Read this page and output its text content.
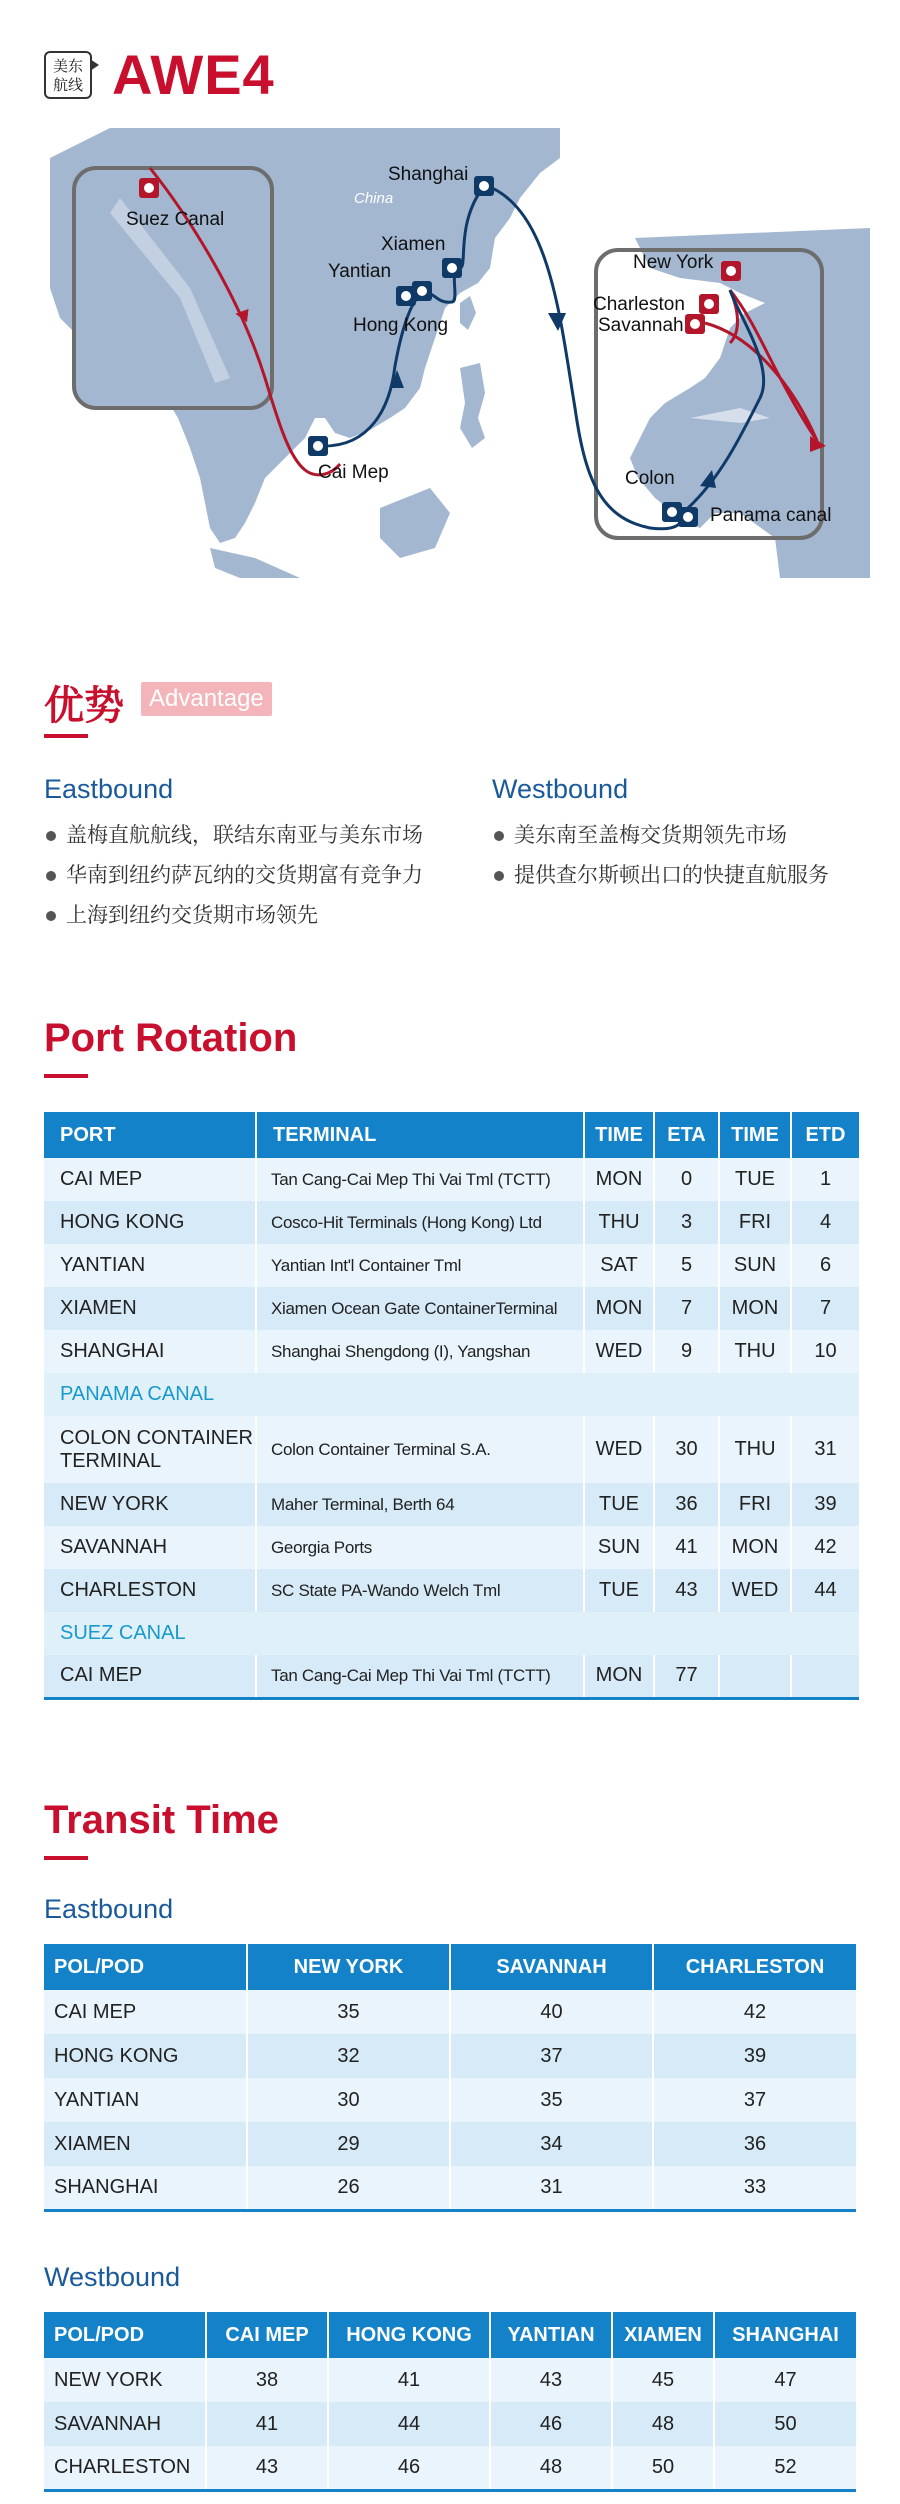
美东
航线 AWE4
Suez Canal
Shanghai
Xiamen
Yantian
Hong Kong
Cai Mep
New York
Charleston
Savannah
Colon
Panama canal
China
Pacific Ocean
USA
优势	Advantage
Eastbound
盖梅直航航线，联结东南亚与美东市场
华南到纽约萨瓦纳的交货期富有竞争力
上海到纽约交货期市场领先
Westbound
美东南至盖梅交货期领先市场
提供查尔斯顿出口的快捷直航服务
Port Rotation
PORT	TERMINAL	TIME	ETA	TIME	ETD
CAI MEP	Tan Cang-Cai Mep Thi Vai Tml (TCTT)	MON	0	TUE	1
HONG KONG	Cosco-Hit Terminals (Hong Kong) Ltd	THU	3	FRI	4
YANTIAN	Yantian Int'l Container Tml	SAT	5	SUN	6
XIAMEN	Xiamen Ocean Gate ContainerTerminal	MON	7	MON	7
SHANGHAI	Shanghai Shengdong (I), Yangshan	WED	9	THU	10
PANAMA CANAL					
COLON CONTAINER TERMINAL	Colon Container Terminal S.A.	WED	30	THU	31
NEW YORK	Maher Terminal, Berth 64	TUE	36	FRI	39
SAVANNAH	Georgia Ports	SUN	41	MON	42
CHARLESTON	SC State PA-Wando Welch Tml	TUE	43	WED	44
SUEZ CANAL					
CAI MEP	Tan Cang-Cai Mep Thi Vai Tml (TCTT)	MON	77		
Transit Time
Eastbound
POL/POD	NEW YORK	SAVANNAH	CHARLESTON
CAI MEP	35	40	42
HONG KONG	32	37	39
YANTIAN	30	35	37
XIAMEN	29	34	36
SHANGHAI	26	31	33
Westbound
POL/POD	CAI MEP	HONG KONG	YANTIAN	XIAMEN	SHANGHAI
NEW YORK	38	41	43	45	47
SAVANNAH	41	44	46	48	50
CHARLESTON	43	46	48	50	52
